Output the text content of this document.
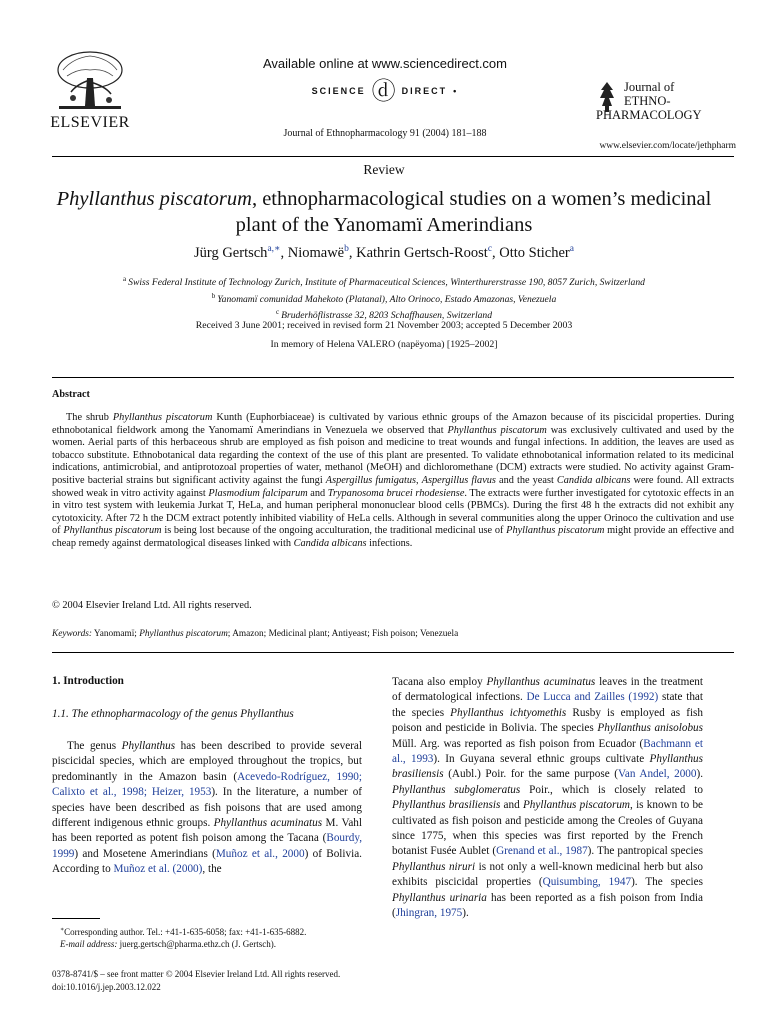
ELSEVIER
Available online at www.sciencedirect.com
SCIENCE ⓓ DIRECT •
Journal of Ethnopharmacology 91 (2004) 181–188
Journal of
ETHNO-
PHARMACOLOGY
www.elsevier.com/locate/jethpharm
Review
Phyllanthus piscatorum, ethnopharmacological studies on a women’s medicinal plant of the Yanomamï Amerindians
Jürg Gertsch$^{a,∗}$, Niomawë$^b$, Kathrin Gertsch-Roost$^c$, Otto Sticher$^a$
$^a$ Swiss Federal Institute of Technology Zurich, Institute of Pharmaceutical Sciences, Winterthurerstrasse 190, 8057 Zurich, Switzerland
$^b$ Yanomamï comunidad Mahekoto (Platanal), Alto Orinoco, Estado Amazonas, Venezuela
$^c$ Bruderhöflistrasse 32, 8203 Schaffhausen, Switzerland
Received 3 June 2001; received in revised form 21 November 2003; accepted 5 December 2003
In memory of Helena VALERO (napëyoma) [1925–2002]
Abstract

The shrub Phyllanthus piscatorum Kunth (Euphorbiaceae) is cultivated by various ethnic groups of the Amazon because of its piscicidal properties. During ethnobotanical fieldwork among the Yanomamï Amerindians in Venezuela we observed that Phyllanthus piscatorum was exclusively cultivated and used by the women. Aerial parts of this herbaceous shrub are employed as fish poison and medicine to treat wounds and fungal infections. In addition, the leaves are used as tobacco substitute. Ethnobotanical data regarding the context of the use of this plant are presented. To validate ethnobotanical information related to its medicinal indications, antimicrobial, and antiprotozoal properties of water, methanol (MeOH) and dichloromethane (DCM) extracts were studied. No activity against Gram-positive bacterial strains but significant activity against the fungi Aspergillus fumigatus, Aspergillus flavus and the yeast Candida albicans were found. All extracts showed weak in vitro activity against Plasmodium falciparum and Trypanosoma brucei rhodesiense. The extracts were further investigated for cytotoxic effects in an in vitro test system with leukemia Jurkat T, HeLa, and human peripheral mononuclear blood cells (PBMCs). During the first 48 h the extracts did not exhibit any cytotoxicity. After 72 h the DCM extract potently inhibited viability of HeLa cells. Although in several communities along the upper Orinoco the cultivation and use of Phyllanthus piscatorum is being lost because of the ongoing acculturation, the traditional medicinal use of Phyllanthus piscatorum might provide an effective and cheap remedy against dermatological diseases linked with Candida albicans infections.

© 2004 Elsevier Ireland Ltd. All rights reserved.
Keywords: Yanomamï; Phyllanthus piscatorum; Amazon; Medicinal plant; Antiyeast; Fish poison; Venezuela
1. Introduction
1.1. The ethnopharmacology of the genus Phyllanthus

The genus Phyllanthus has been described to provide several piscicidal species, which are employed throughout the tropics, but predominantly in the Amazon basin (Acevedo-Rodríguez, 1990; Calixto et al., 1998; Heizer, 1953). In the literature, a number of species have been described as fish poisons that are used among different indigenous ethnic groups. Phyllanthus acuminatus M. Vahl has been reported as potent fish poison among the Tacana (Bourdy, 1999) and Mosetene Amerindians (Muñoz et al., 2000) of Bolivia. According to Muñoz et al. (2000), the

Tacana also employ Phyllanthus acuminatus leaves in the treatment of dermatological infections. De Lucca and Zailles (1992) state that the species Phyllanthus ichtyomethis Rusby is employed as fish poison and pesticide in Bolivia. The species Phyllanthus anisolobus Müll. Arg. was reported as fish poison from Ecuador (Bachmann et al., 1993). In Guyana several ethnic groups cultivate Phyllanthus brasiliensis (Aubl.) Poir. for the same purpose (Van Andel, 2000). Phyllanthus subglomeratus Poir., which is closely related to Phyllanthus brasiliensis and Phyllanthus piscatorum, is known to be cultivated as fish poison and pesticide among the Creoles of Guyana since 1775, when this species was first reported by the French botanist Fusée Aublet (Grenand et al., 1987). The pantropical species Phyllanthus niruri is not only a well-known medicinal herb but also exhibits piscicidal properties (Quisumbing, 1947). The species Phyllanthus urinaria has been reported as a fish poison from India (Jhingran, 1975).

∗Corresponding author. Tel.: +41-1-635-6058; fax: +41-1-635-6882.
E-mail address: juerg.gertsch@pharma.ethz.ch (J. Gertsch).
0378-8741/$ – see front matter © 2004 Elsevier Ireland Ltd. All rights reserved.
doi:10.1016/j.jep.2003.12.022
